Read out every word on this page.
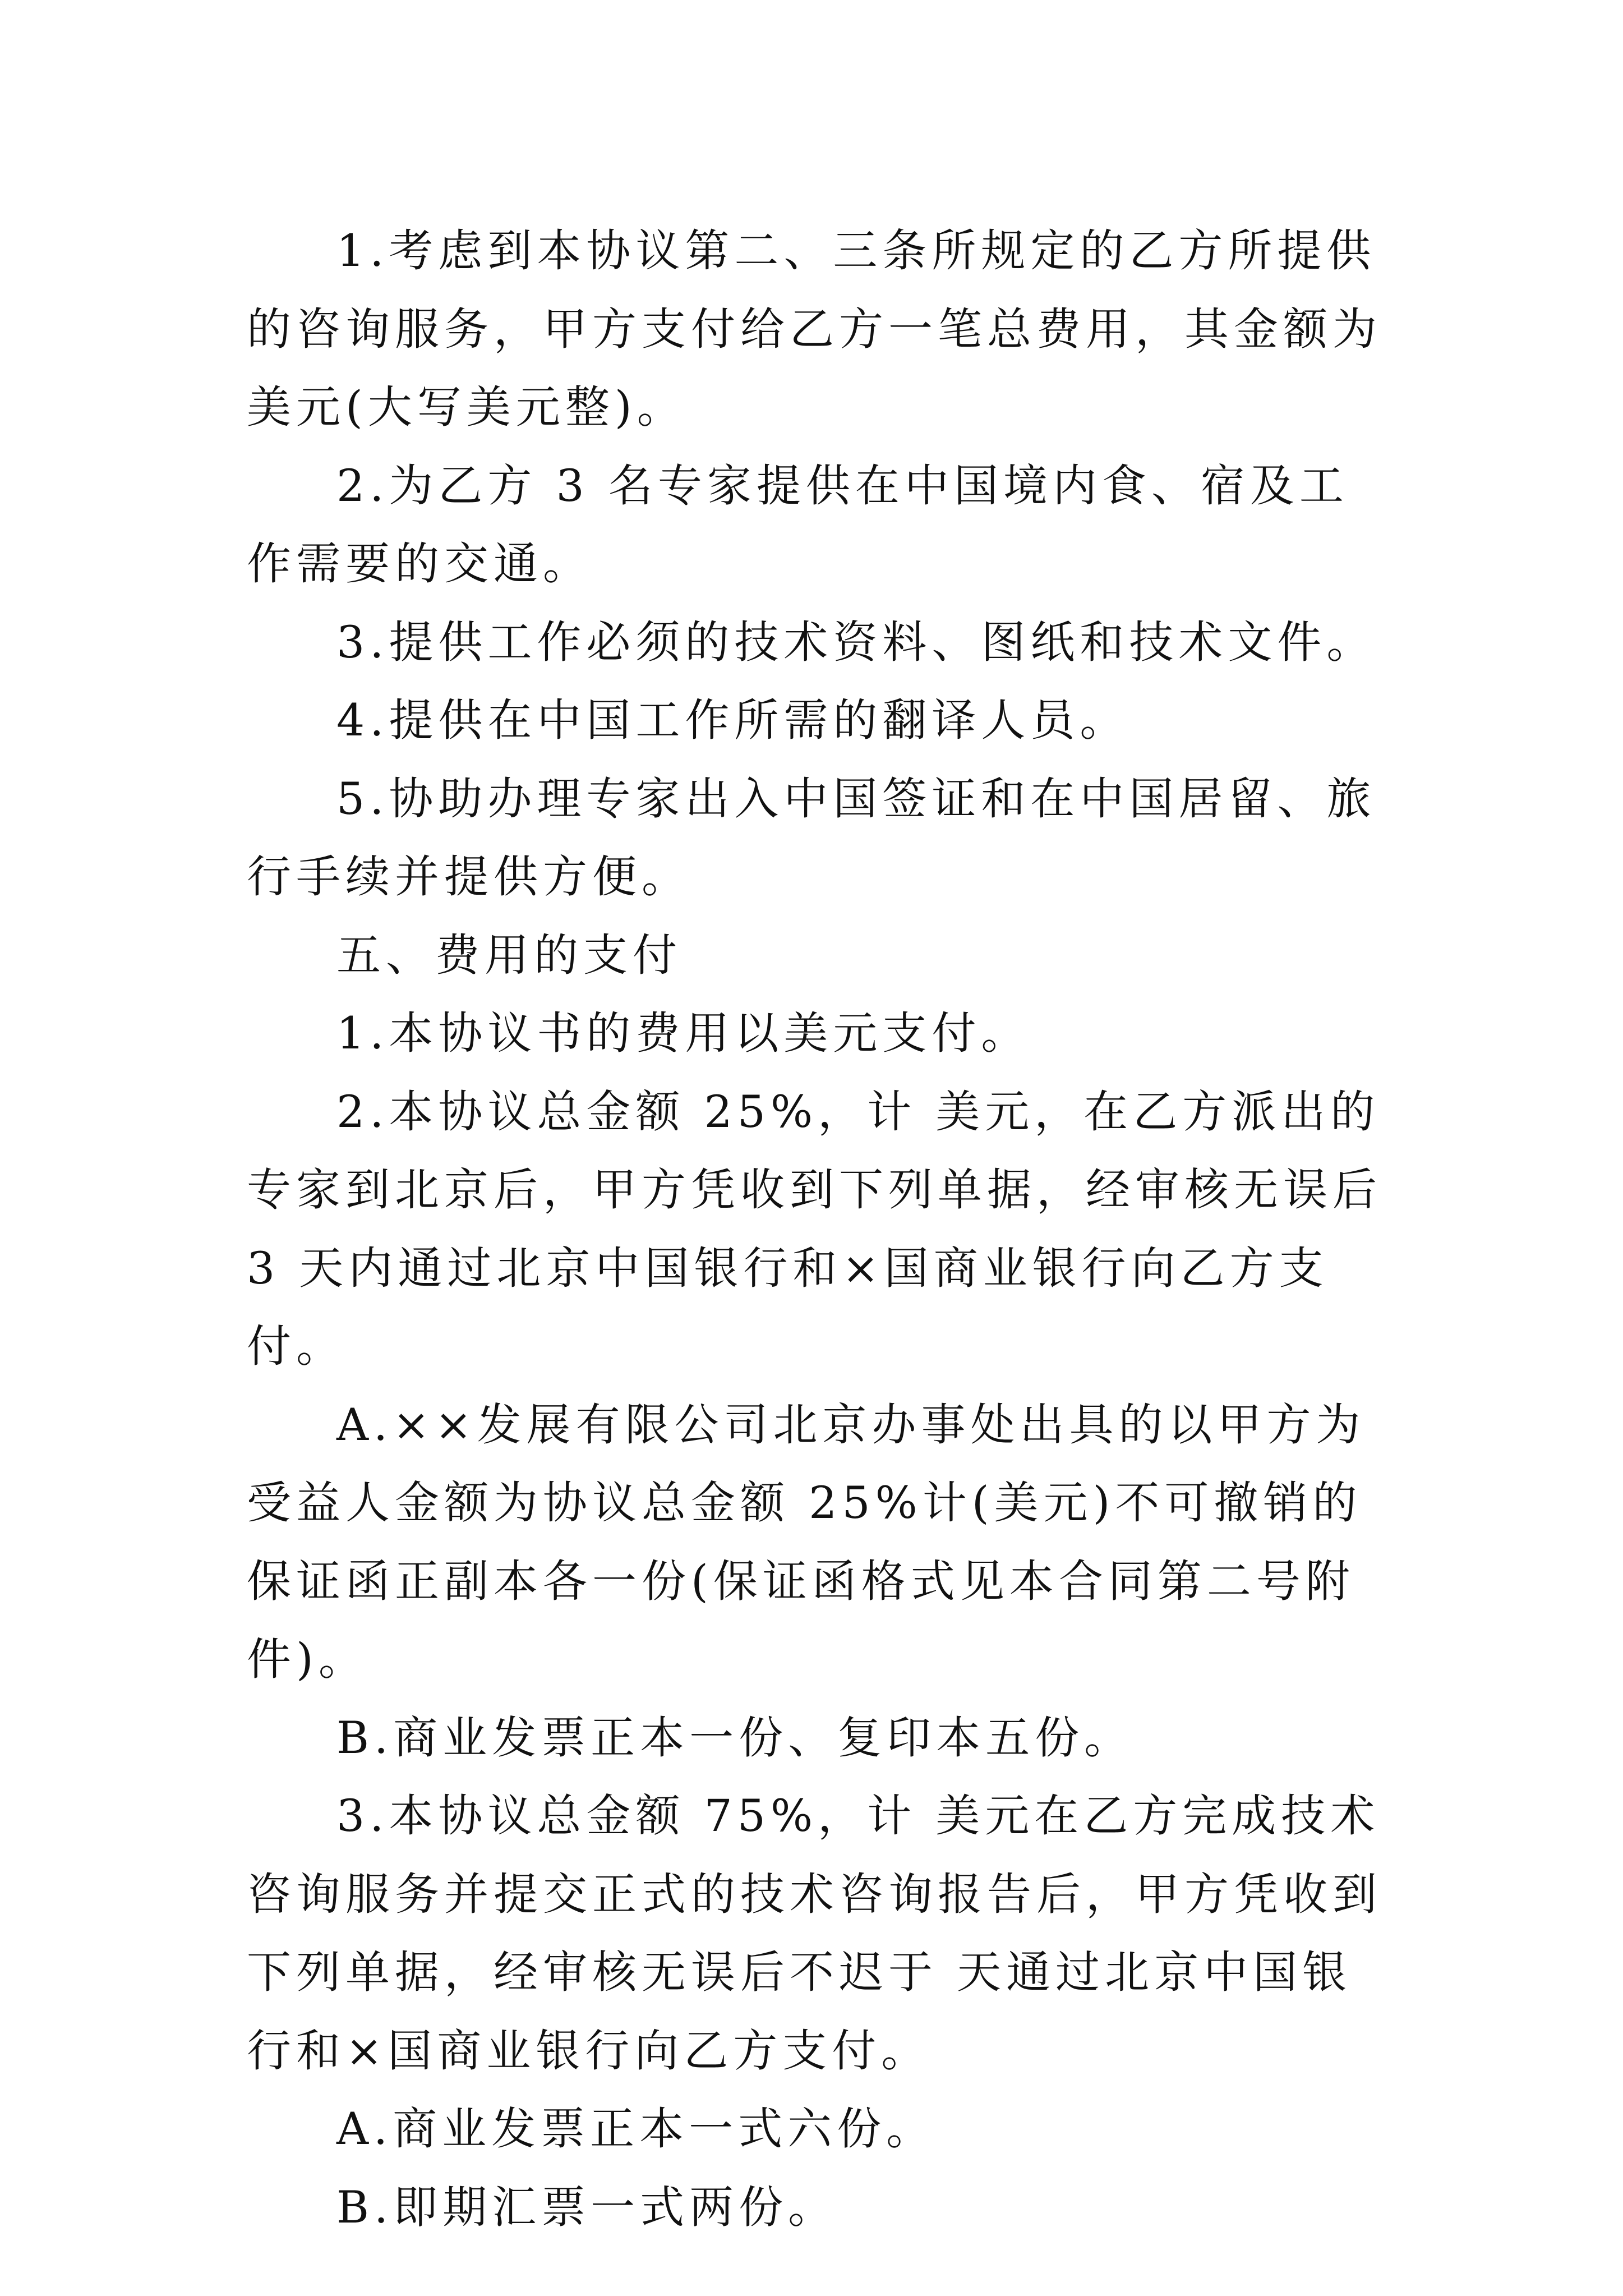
1.考虑到本协议第二、三条所规定的乙方所提供的咨询服务，甲方支付给乙方一笔总费用，其金额为 美元(大写美元整)。

2.为乙方 3 名专家提供在中国境内食、宿及工作需要的交通。

3.提供工作必须的技术资料、图纸和技术文件。

4.提供在中国工作所需的翻译人员。

5.协助办理专家出入中国签证和在中国居留、旅行手续并提供方便。

五、费用的支付

1.本协议书的费用以美元支付。

2.本协议总金额 25%，计 美元，在乙方派出的专家到北京后，甲方凭收到下列单据，经审核无误后 3 天内通过北京中国银行和×国商业银行向乙方支付。

A.××发展有限公司北京办事处出具的以甲方为受益人金额为协议总金额 25%计(美元)不可撤销的保证函正副本各一份(保证函格式见本合同第二号附件)。

B.商业发票正本一份、复印本五份。

3.本协议总金额 75%，计 美元在乙方完成技术咨询服务并提交正式的技术咨询报告后，甲方凭收到下列单据，经审核无误后不迟于 天通过北京中国银行和×国商业银行向乙方支付。

A.商业发票正本一式六份。

B.即期汇票一式两份。
